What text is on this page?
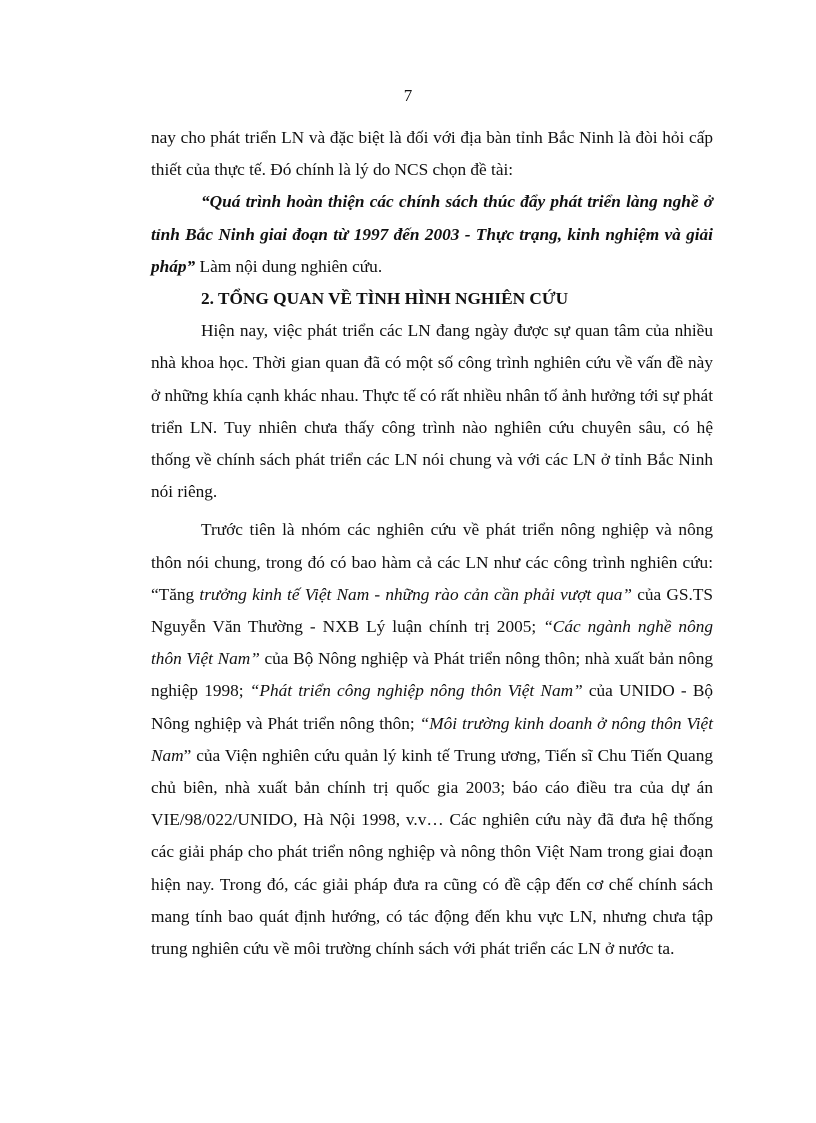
7

nay cho phát triển LN và đặc biệt là đối với địa bàn tỉnh Bắc Ninh là đòi hỏi cấp thiết của thực tế. Đó chính là lý do NCS chọn đề tài:

“Quá trình hoàn thiện các chính sách thúc đẩy phát triển làng nghề ở tỉnh Bắc Ninh giai đoạn từ 1997 đến 2003 - Thực trạng, kinh nghiệm và giải pháp” Làm nội dung nghiên cứu.

2. TỔNG QUAN VỀ TÌNH HÌNH NGHIÊN CỨU

Hiện nay, việc phát triển các LN đang ngày được sự quan tâm của nhiều nhà khoa học. Thời gian quan đã có một số công trình nghiên cứu về vấn đề này ở những khía cạnh khác nhau. Thực tế có rất nhiều nhân tố ảnh hưởng tới sự phát triển LN. Tuy nhiên chưa thấy công trình nào nghiên cứu chuyên sâu, có hệ thống về chính sách phát triển các LN nói chung và với các LN ở tỉnh Bắc Ninh nói riêng.

Trước tiên là nhóm các nghiên cứu về phát triển nông nghiệp và nông thôn nói chung, trong đó có bao hàm cả các LN như các công trình nghiên cứu: “Tăng trưởng kinh tế Việt Nam - những rào cản cần phải vượt qua” của GS.TS Nguyễn Văn Thường - NXB Lý luận chính trị 2005; “Các ngành nghề nông thôn Việt Nam” của Bộ Nông nghiệp và Phát triển nông thôn; nhà xuất bản nông nghiệp 1998; “Phát triển công nghiệp nông thôn Việt Nam” của UNIDO - Bộ Nông nghiệp và Phát triển nông thôn; “Môi trường kinh doanh ở nông thôn Việt Nam” của Viện nghiên cứu quản lý kinh tế Trung ương, Tiến sĩ Chu Tiến Quang chủ biên, nhà xuất bản chính trị quốc gia 2003; báo cáo điều tra của dự án VIE/98/022/UNIDO, Hà Nội 1998, v.v… Các nghiên cứu này đã đưa hệ thống các giải pháp cho phát triển nông nghiệp và nông thôn Việt Nam trong giai đoạn hiện nay. Trong đó, các giải pháp đưa ra cũng có đề cập đến cơ chế chính sách mang tính bao quát định hướng, có tác động đến khu vực LN, nhưng chưa tập trung nghiên cứu về môi trường chính sách với phát triển các LN ở nước ta.
